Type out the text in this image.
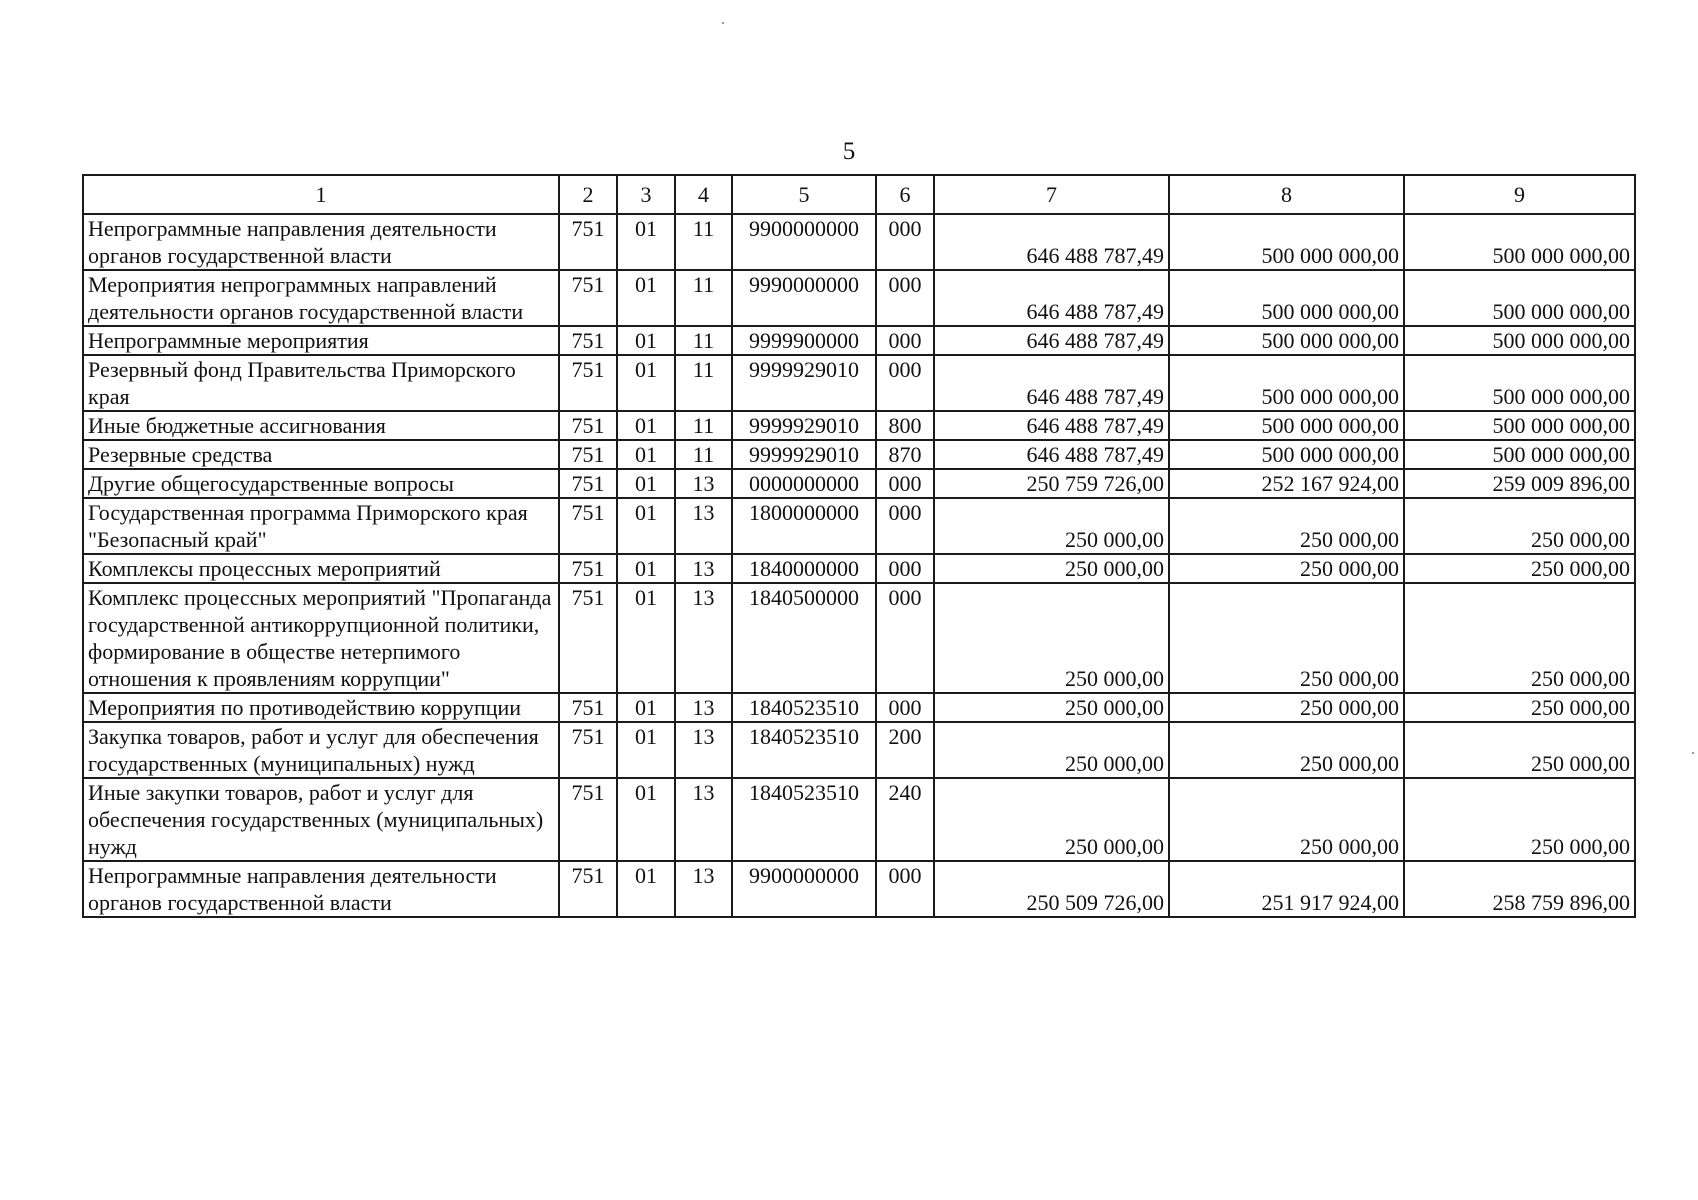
5
1	2	3	4	5	6	7	8	9
Непрограммные направления деятельности органов государственной власти	751	01	11	9900000000	000	646 488 787,49	500 000 000,00	500 000 000,00
Мероприятия непрограммных направлений деятельности органов государственной власти	751	01	11	9990000000	000	646 488 787,49	500 000 000,00	500 000 000,00
Непрограммные мероприятия	751	01	11	9999900000	000	646 488 787,49	500 000 000,00	500 000 000,00
Резервный фонд Правительства Приморского края	751	01	11	9999929010	000	646 488 787,49	500 000 000,00	500 000 000,00
Иные бюджетные ассигнования	751	01	11	9999929010	800	646 488 787,49	500 000 000,00	500 000 000,00
Резервные средства	751	01	11	9999929010	870	646 488 787,49	500 000 000,00	500 000 000,00
Другие общегосударственные вопросы	751	01	13	0000000000	000	250 759 726,00	252 167 924,00	259 009 896,00
Государственная программа Приморского края "Безопасный край"	751	01	13	1800000000	000	250 000,00	250 000,00	250 000,00
Комплексы процессных мероприятий	751	01	13	1840000000	000	250 000,00	250 000,00	250 000,00
Комплекс процессных мероприятий "Пропаганда государственной антикоррупционной политики, формирование в обществе нетерпимого отношения к проявлениям коррупции"	751	01	13	1840500000	000	250 000,00	250 000,00	250 000,00
Мероприятия по противодействию коррупции	751	01	13	1840523510	000	250 000,00	250 000,00	250 000,00
Закупка товаров, работ и услуг для обеспечения государственных (муниципальных) нужд	751	01	13	1840523510	200	250 000,00	250 000,00	250 000,00
Иные закупки товаров, работ и услуг для обеспечения государственных (муниципальных) нужд	751	01	13	1840523510	240	250 000,00	250 000,00	250 000,00
Непрограммные направления деятельности органов государственной власти	751	01	13	9900000000	000	250 509 726,00	251 917 924,00	258 759 896,00
